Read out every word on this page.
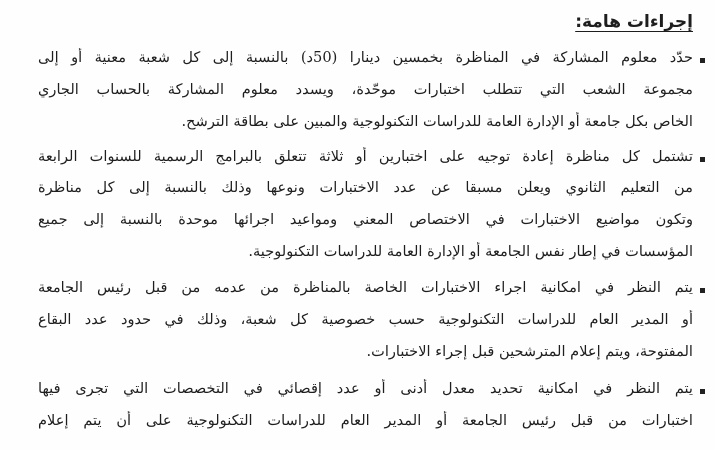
إجراءات هامة:
حدّد معلوم المشاركة في المناظرة بخمسين دينارا (50د) بالنسبة إلى كل شعبة معنية أو إلى
مجموعة الشعب التي تتطلب اختبارات موحّدة، ويسدد معلوم المشاركة بالحساب الجاري
الخاص بكل جامعة أو الإدارة العامة للدراسات التكنولوجية والمبين على بطاقة الترشح.
تشتمل كل مناظرة إعادة توجيه على اختبارين أو ثلاثة تتعلق بالبرامج الرسمية للسنوات الرابعة
من التعليم الثانوي ويعلن مسبقا عن عدد الاختبارات ونوعها وذلك بالنسبة إلى كل مناظرة
وتكون مواضيع الاختبارات في الاختصاص المعني ومواعيد اجرائها موحدة بالنسبة إلى جميع
المؤسسات في إطار نفس الجامعة أو الإدارة العامة للدراسات التكنولوجية.
يتم النظر في امكانية اجراء الاختبارات الخاصة بالمناظرة من عدمه من قبل رئيس الجامعة
أو المدير العام للدراسات التكنولوجية حسب خصوصية كل شعبة، وذلك في حدود عدد البقاع
المفتوحة، ويتم إعلام المترشحين قبل إجراء الاختبارات.
يتم النظر في امكانية تحديد معدل أدنى أو عدد إقصائي في التخصصات التي تجرى فيها
اختبارات من قبل رئيس الجامعة أو المدير العام للدراسات التكنولوجية على أن يتم إعلام
